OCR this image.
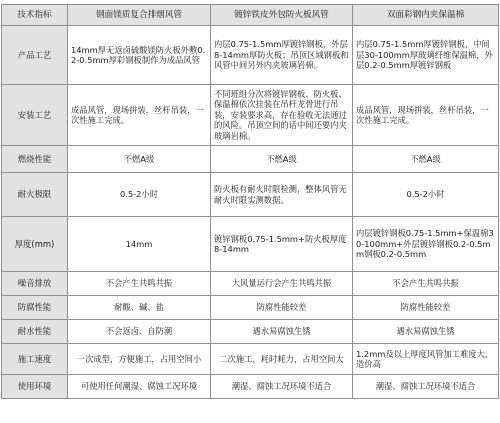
技术指标	钢面镁质复合排烟风管	镀锌铁皮外包防火板风管	双面彩钢内夹保温棉
产品工艺	14mm厚无返卤硫酸镁防火板外敷0.2-0.5mm厚彩钢板制作为成品风管	内层0.75-1.5mm厚镀锌钢板，外层8-14mm厚防火板；吊顶区域钢板和风管中间另外内夹玻璃岩棉。	内层0.75-1.5mm厚镀锌钢板，中间层30-100mm厚玻璃纤维保温棉，外层0.2-0.5mm厚镀锌钢板
安装工艺	成品风管，现场拼装，丝杆吊装，一次性施工完成。	不同班组分次将镀锌钢板、防火板、保温棉依次挂装在吊杆龙骨进行吊装，安装要求高，存在验收无法通过的风险。吊顶空间的话中间还要内夹玻璃岩棉。	成品风管，现场拼装，丝杆吊装，一次性施工完成。
燃烧性能	不燃A级	不燃A级	不燃A级
耐火极限	0.5-2小时	防火板有耐火时限检测，整体风管无耐火时限实测数据。	0.5-2小时
厚度(mm)	14mm	镀锌钢板0.75-1.5mm+防火板厚度8-14mm	内层镀锌钢板0.75-1.5mm+保温棉30-100mm+外层镀锌钢板0.2-0.5mm钢板0.2-0.5mm
噪音排放	不会产生共鸣共振	大风量运行会产生共鸣共振	不会产生共鸣共振
防腐性能	耐酸、碱、盐	防腐性能较差	防腐性能较差
耐水性能	不会返卤、自防潮	遇水易腐蚀生锈	遇水易腐蚀生锈
施工速度	一次成型，方便施工，占用空间小	二次施工，耗时耗力，占用空间大	1.2mm及以上厚度风管加工难度大，造价高
使用环境	可使用任何潮湿、腐蚀工况环境	潮湿、腐蚀工况环境不适合	潮湿、腐蚀工况环境不适合
